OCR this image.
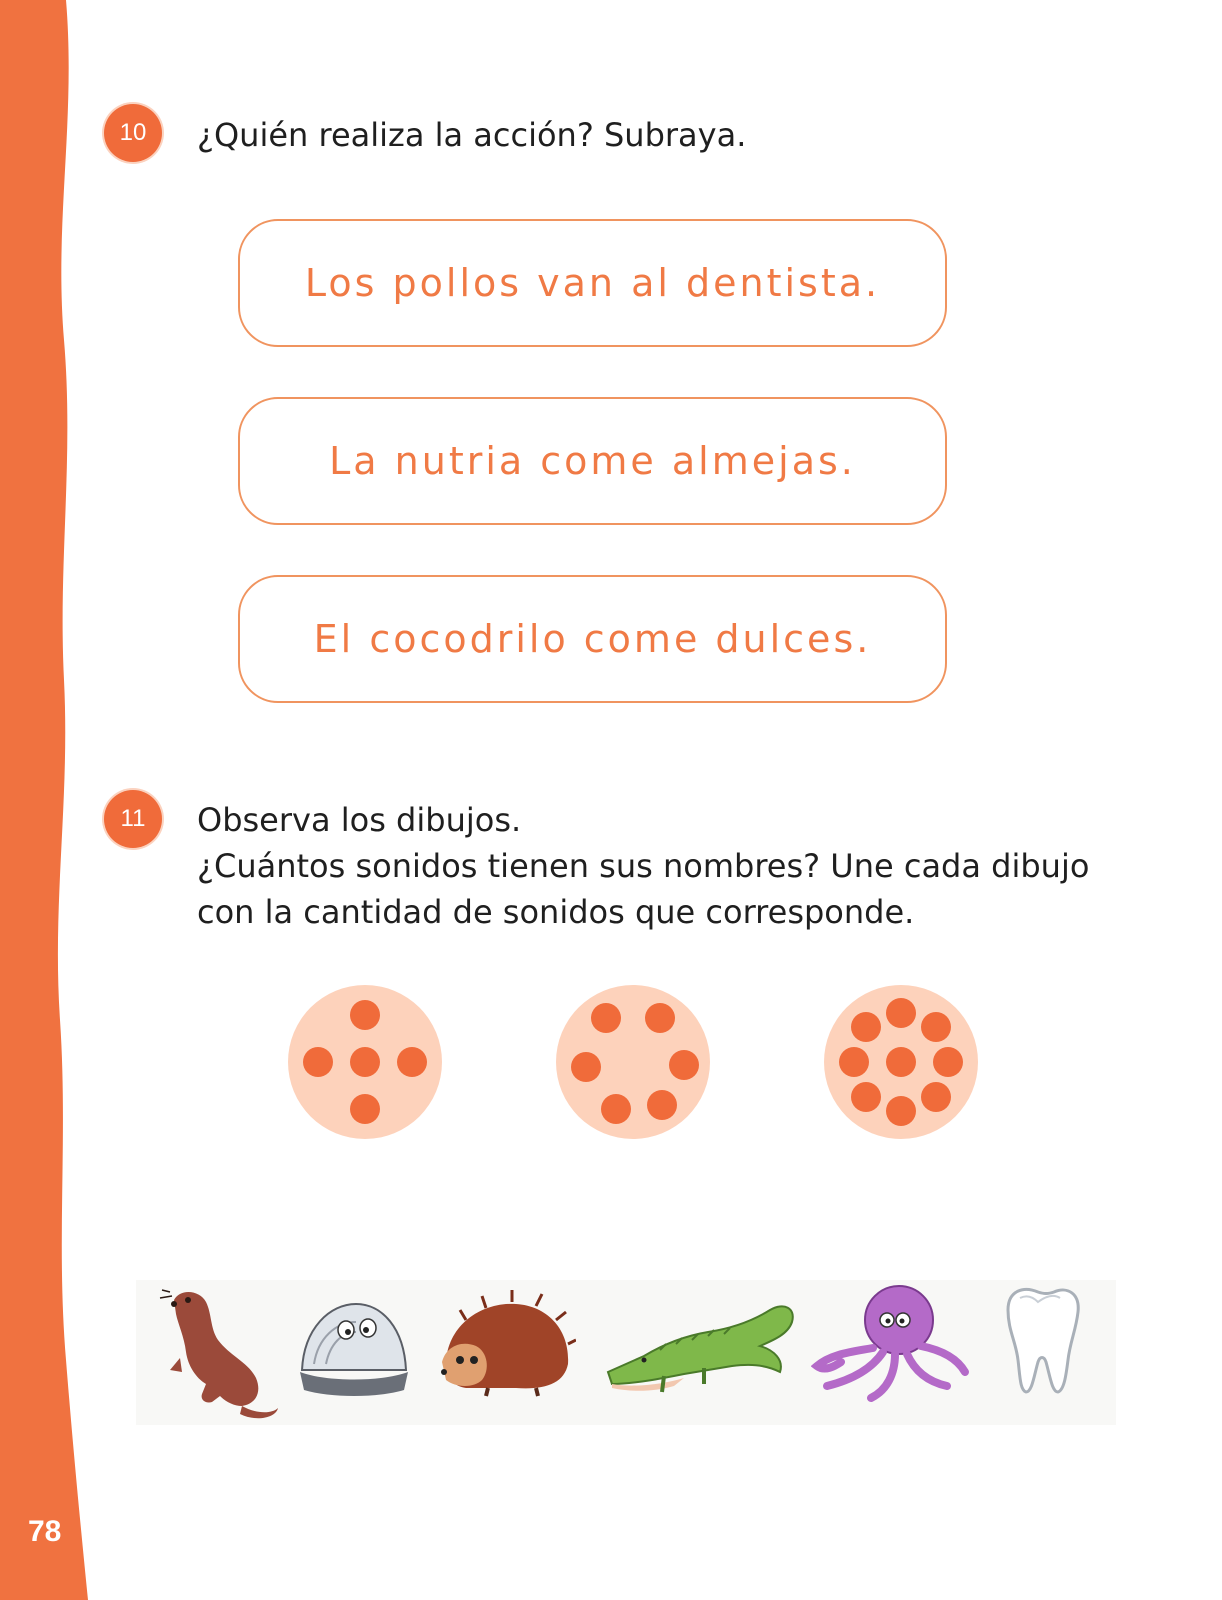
78
10	¿Quién realiza la acción? Subraya.
Los pollos van al dentista.
La nutria come almejas.
El cocodrilo come dulces.
11	Observa los dibujos.
¿Cuántos sonidos tienen sus nombres? Une cada dibujo
con la cantidad de sonidos que corresponde.
